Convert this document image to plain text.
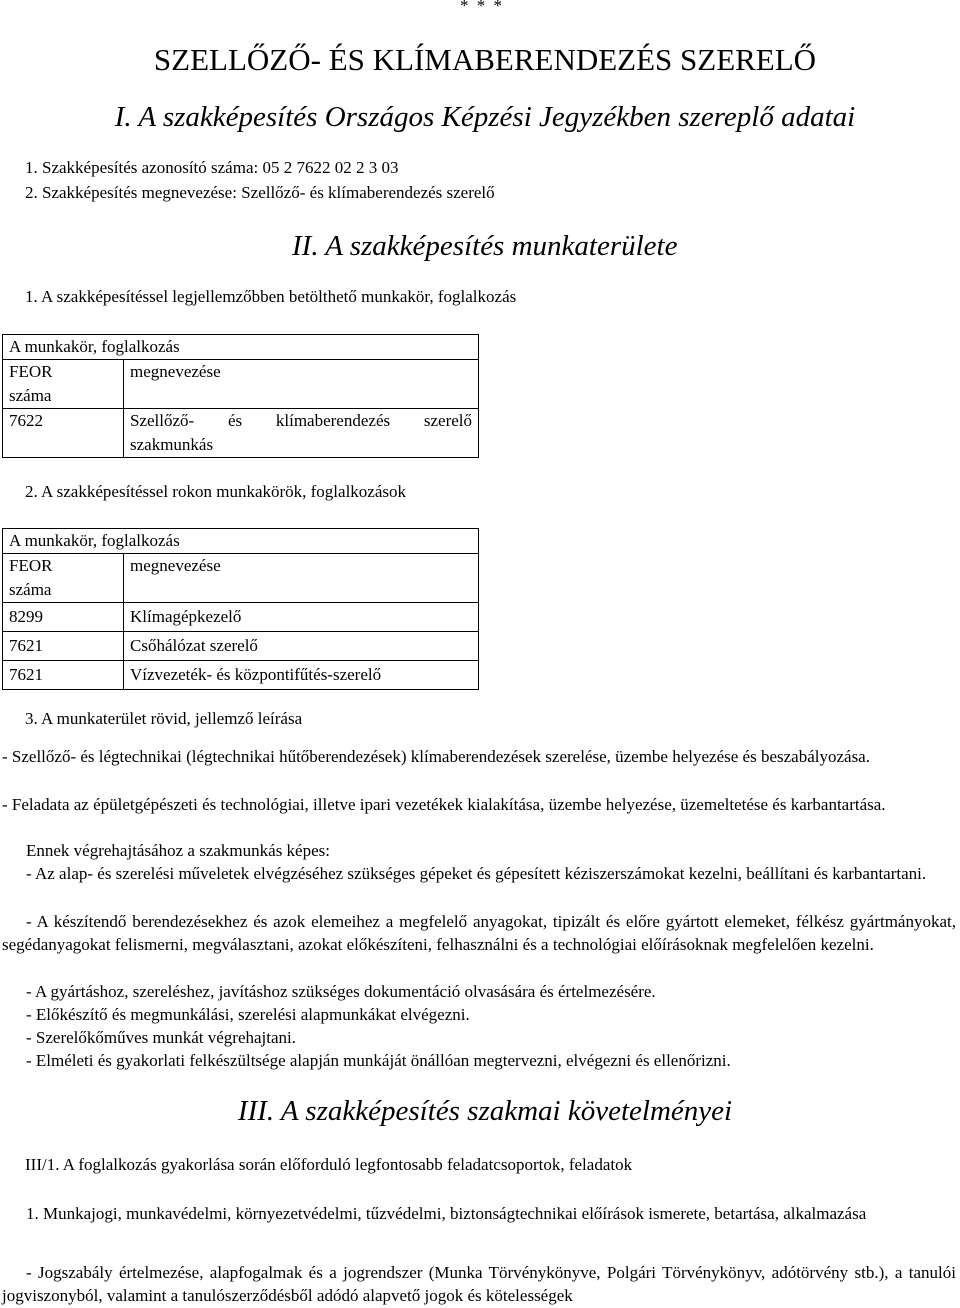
* * *
SZELLŐZŐ- ÉS KLÍMABERENDEZÉS SZERELŐ
I. A szakképesítés Országos Képzési Jegyzékben szereplő adatai
1. Szakképesítés azonosító száma: 05 2 7622 02 2 3 03
2. Szakképesítés megnevezése: Szellőző- és klímaberendezés szerelő
II. A szakképesítés munkaterülete
1. A szakképesítéssel legjellemzőbben betölthető munkakör, foglalkozás
A munkakör, foglalkozás	

FEOR
száma	megnevezése
7622	Szellőző- és klímaberendezés szerelő
szakmunkás
2. A szakképesítéssel rokon munkakörök, foglalkozások
A munkakör, foglalkozás	

FEOR
száma	megnevezése
8299	Klímagépkezelő
7621	Csőhálózat szerelő
7621	Vízvezeték- és központifűtés-szerelő
3. A munkaterület rövid, jellemző leírása
- Szellőző- és légtechnikai (légtechnikai hűtőberendezések) klímaberendezések szerelése, üzembe helyezése és beszabályozása.
- Feladata az épületgépészeti és technológiai, illetve ipari vezetékek kialakítása, üzembe helyezése, üzemeltetése és karbantartása.
Ennek végrehajtásához a szakmunkás képes:
- Az alap- és szerelési műveletek elvégzéséhez szükséges gépeket és gépesített kéziszerszámokat kezelni, beállítani és karbantartani.
- A készítendő berendezésekhez és azok elemeihez a megfelelő anyagokat, tipizált és előre gyártott elemeket, félkész gyártmányokat, segédanyagokat felismerni, megválasztani, azokat előkészíteni, felhasználni és a technológiai előírásoknak megfelelően kezelni.
- A gyártáshoz, szereléshez, javításhoz szükséges dokumentáció olvasására és értelmezésére.
- Előkészítő és megmunkálási, szerelési alapmunkákat elvégezni.
- Szerelőkőműves munkát végrehajtani.
- Elméleti és gyakorlati felkészültsége alapján munkáját önállóan megtervezni, elvégezni és ellenőrizni.
III. A szakképesítés szakmai követelményei
III/1. A foglalkozás gyakorlása során előforduló legfontosabb feladatcsoportok, feladatok
1. Munkajogi, munkavédelmi, környezetvédelmi, tűzvédelmi, biztonságtechnikai előírások ismerete, betartása, alkalmazása
- Jogszabály értelmezése, alapfogalmak és a jogrendszer (Munka Törvénykönyve, Polgári Törvénykönyv, adótörvény stb.), a tanulói jogviszonyból, valamint a tanulószerződésből adódó alapvető jogok és kötelességek
